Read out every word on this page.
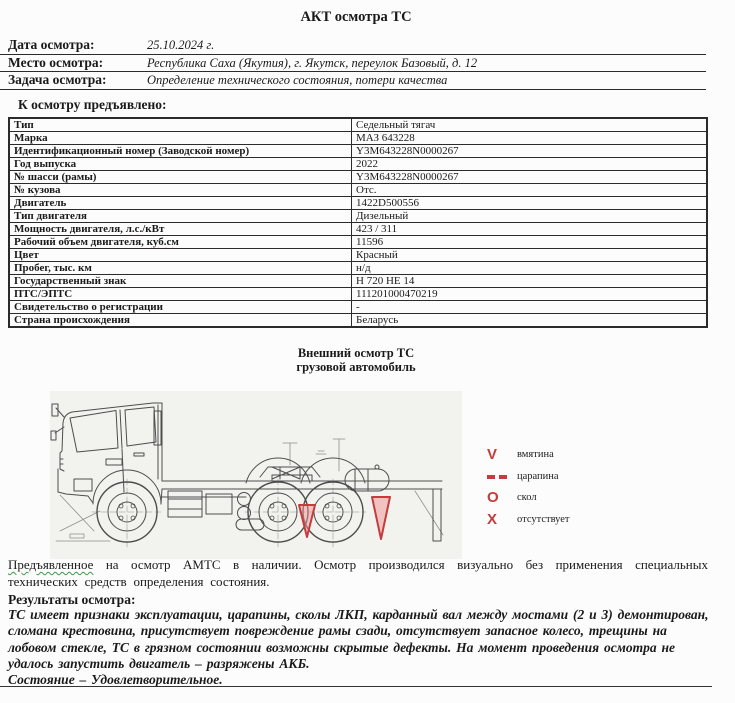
АКТ осмотра ТС
Дата осмотра:	25.10.2024 г.
Место осмотра:	Республика Саха (Якутия), г. Якутск, переулок Базовый, д. 12
Задача осмотра:	Определение технического состояния, потери качества
К осмотру предъявлено:
Тип	Седельный тягач
Марка	МАЗ 643228
Идентификационный номер (Заводской номер)	Y3M643228N0000267
Год выпуска	2022
№ шасси (рамы)	Y3M643228N0000267
№ кузова	Отс.
Двигатель	1422D500556
Тип двигателя	Дизельный
Мощность двигателя, л.с./кВт	423 / 311
Рабочий объем двигателя, куб.см	11596
Цвет	Красный
Пробег, тыс. км	н/д
Государственный знак	Н 720 НЕ 14
ПТС/ЭПТС	111201000470219
Свидетельство о регистрации	-
Страна происхождения	Беларусь
Внешний осмотр ТС
грузовой автомобиль
V	вмятина
царапина
O	скол
X	отсутствует

Предъявленное на осмотр АМТС в наличии. Осмотр производился визуально без применения специальных технических средств определения состояния.

Результаты осмотра:
ТС имеет признаки эксплуатации, царапины, сколы ЛКП, карданный вал между мостами (2 и 3) демонтирован, сломана крестовина, присутствует повреждение рамы сзади, отсутствует запасное колесо, трещины на лобовом стекле, ТС в грязном состоянии возможны скрытые дефекты. На момент проведения осмотра не удалось запустить двигатель – разряжены АКБ.
Состояние – Удовлетворительное.
